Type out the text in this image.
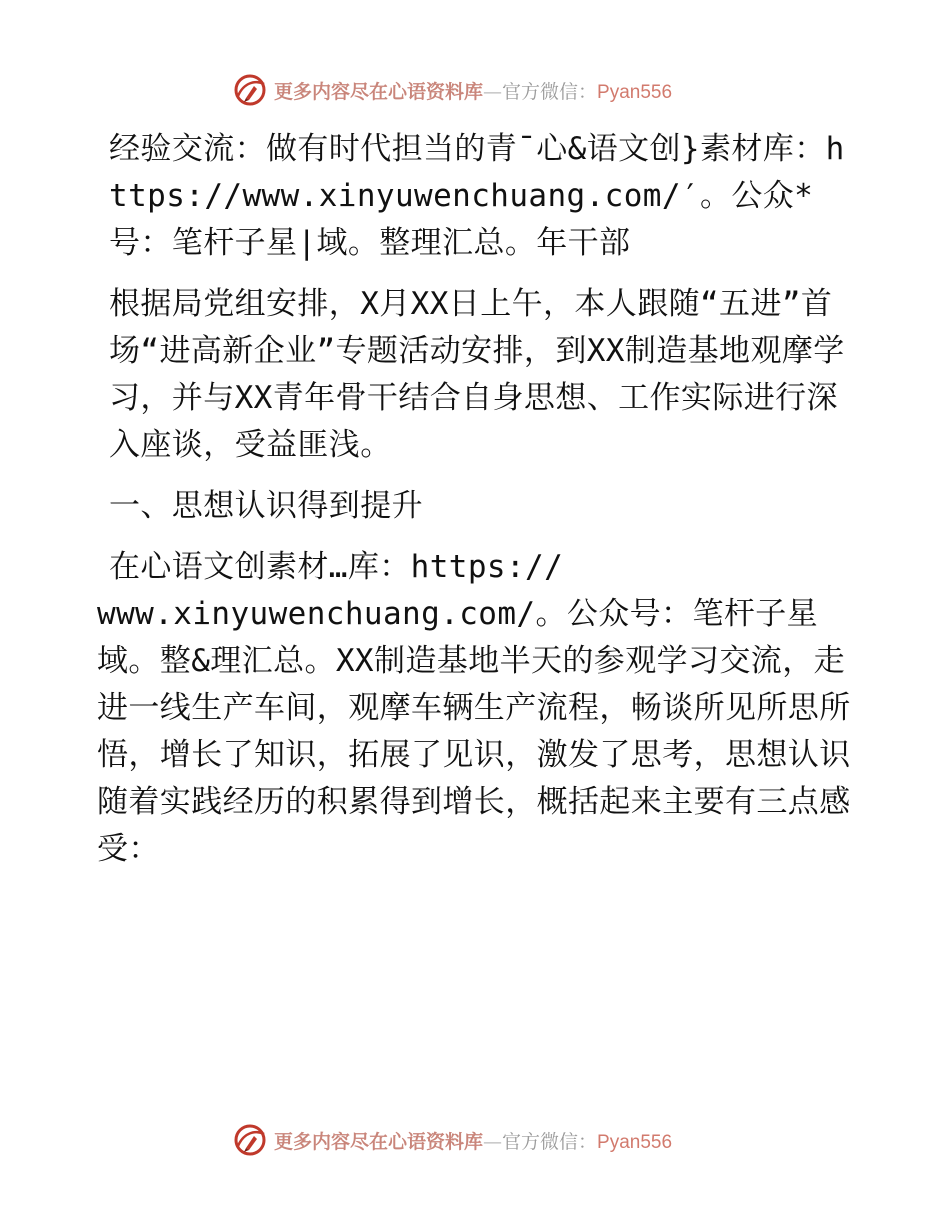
更多内容尽在心语资料库—官方微信：Pyan556

经验交流：做有时代担当的青¯心&语文创}素材库：https://www.xinyuwenchuang.com/′。公众*号：笔杆子星|域。整理汇总。年干部

根据局党组安排，X月XX日上午，本人跟随“五进”首场“进高新企业”专题活动安排，到XX制造基地观摩学习，并与XX青年骨干结合自身思想、工作实际进行深入座谈，受益匪浅。

一、思想认识得到提升

在心语文创素材…库：https://
www.xinyuwenchuang.com/。公众号：笔杆子星域。整&理汇总。XX制造基地半天的参观学习交流，走进一线生产车间，观摩车辆生产流程，畅谈所见所思所悟，增长了知识，拓展了见识，激发了思考，思想认识随着实践经历的积累得到增长，概括起来主要有三点感受：

更多内容尽在心语资料库—官方微信：Pyan556
